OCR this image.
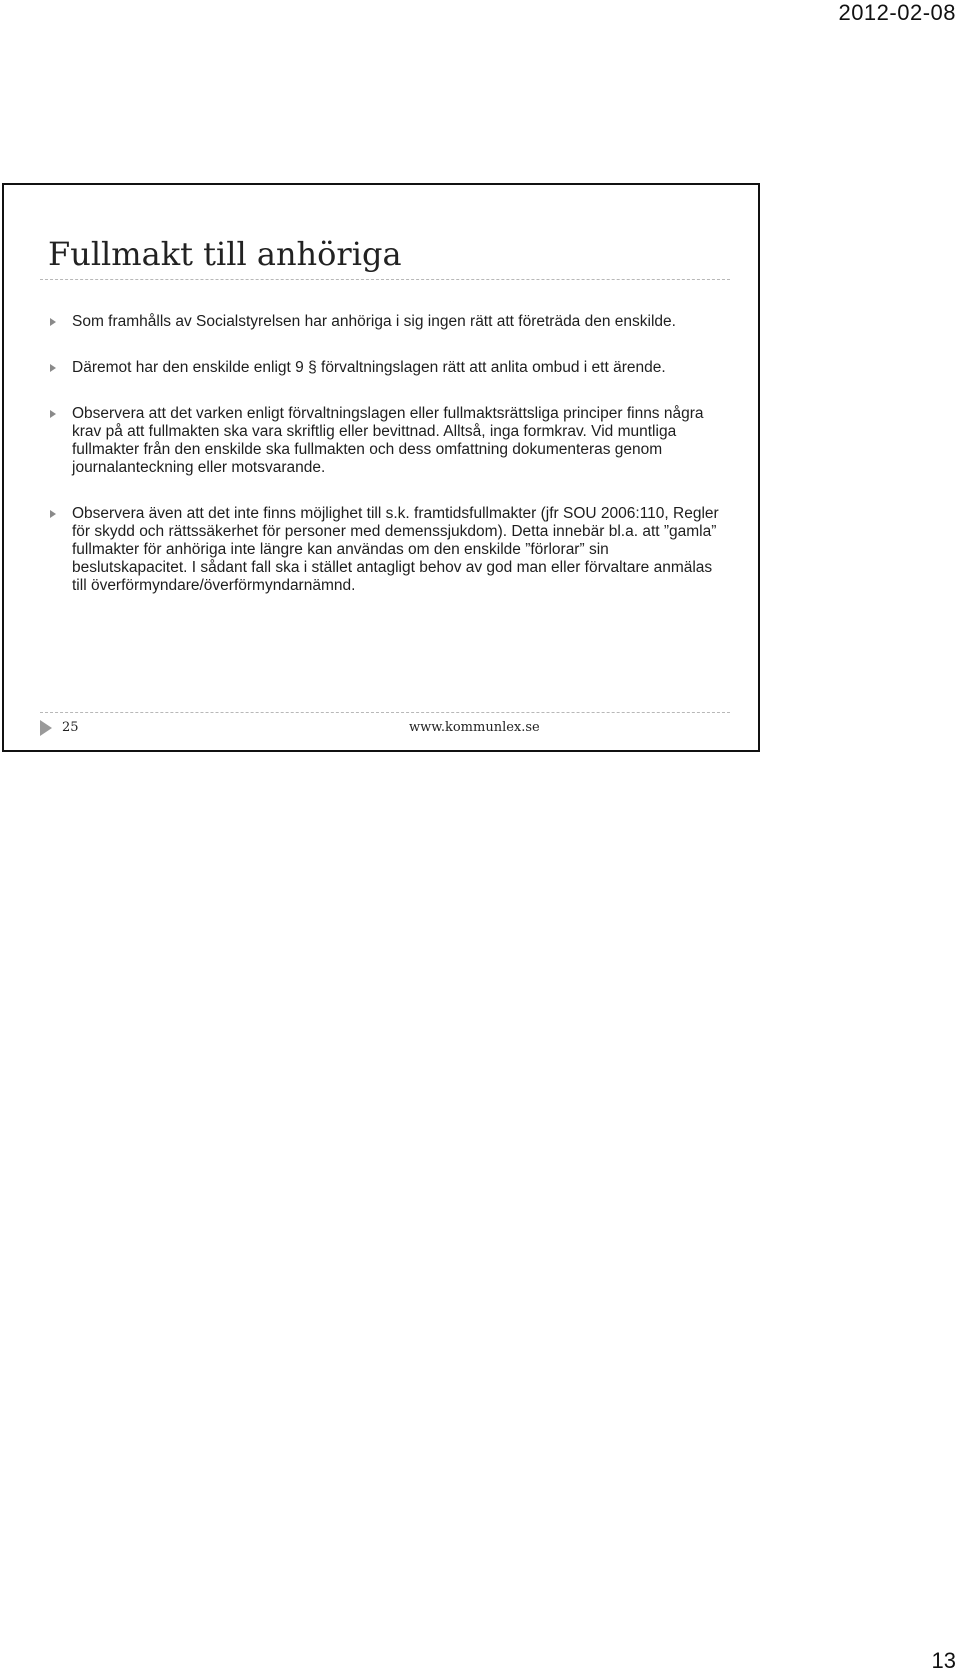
2012-02-08
Fullmakt till anhöriga
Som framhålls av Socialstyrelsen har anhöriga i sig ingen rätt att företräda den enskilde.
Däremot har den enskilde enligt 9 § förvaltningslagen rätt att anlita ombud i ett ärende.
Observera att det varken enligt förvaltningslagen eller fullmaktsrättsliga principer finns några krav på att fullmakten ska vara skriftlig eller bevittnad. Alltså, inga formkrav. Vid muntliga fullmakter från den enskilde ska fullmakten och dess omfattning dokumenteras genom journalanteckning eller motsvarande.
Observera även att det inte finns möjlighet till s.k. framtidsfullmakter (jfr SOU 2006:110, Regler för skydd och rättssäkerhet för personer med demenssjukdom). Detta innebär bl.a. att ”gamla” fullmakter för anhöriga inte längre kan användas om den enskilde ”förlorar” sin beslutskapacitet. I sådant fall ska i stället antagligt behov av god man eller förvaltare anmälas till överförmyndare/överförmyndarnämnd.
25	www.kommunlex.se
13
